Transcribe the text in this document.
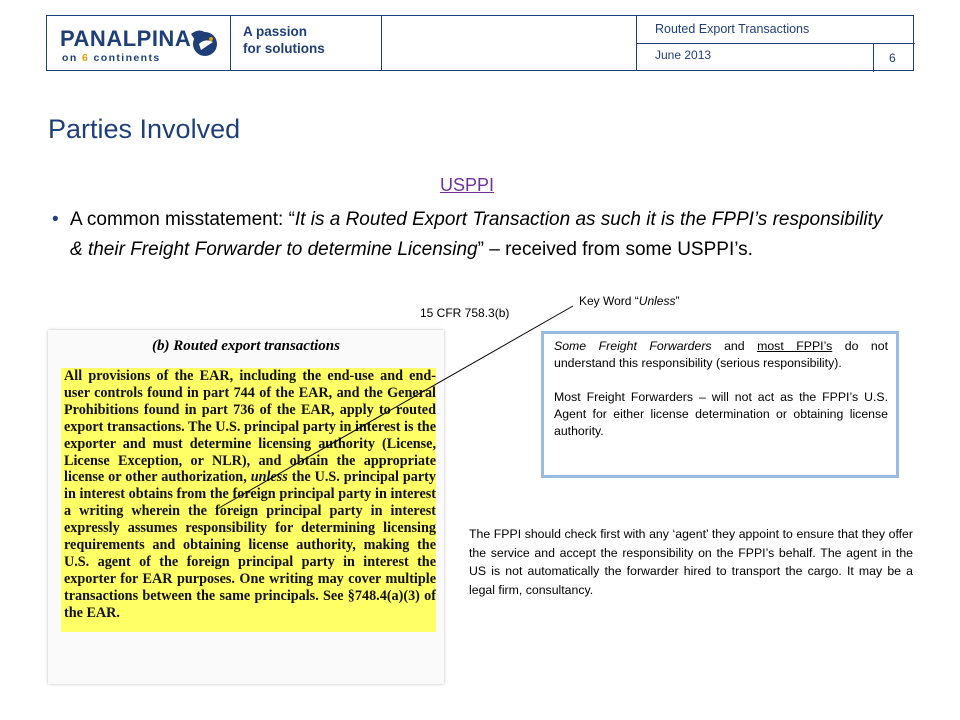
PANALPINA
on 6 continents
A passion
for solutions
Routed Export Transactions
June 2013	6
Parties Involved
USPPI
• A common misstatement: “It is a Routed Export Transaction as such it is the FPPI’s responsibility & their Freight Forwarder to determine Licensing” – received from some USPPI’s.
15 CFR 758.3(b)
Key Word “Unless”
(b) Routed export transactions
All provisions of the EAR, including the end-use and end-user controls found in part 744 of the EAR, and the General Prohibitions found in part 736 of the EAR, apply to routed export transactions. The U.S. principal party in interest is the exporter and must determine licensing authority (License, License Exception, or NLR), and obtain the appropriate license or other authorization, unless the U.S. principal party in interest obtains from the foreign principal party in interest a writing wherein the foreign principal party in interest expressly assumes responsibility for determining licensing requirements and obtaining license authority, making the U.S. agent of the foreign principal party in interest the exporter for EAR purposes. One writing may cover multiple transactions between the same principals. See §748.4(a)(3) of the EAR.

Some Freight Forwarders and most FPPI’s do not understand this responsibility (serious responsibility).

Most Freight Forwarders – will not act as the FPPI’s U.S. Agent for either license determination or obtaining license authority.

The FPPI should check first with any ‘agent’ they appoint to ensure that they offer the service and accept the responsibility on the FPPI’s behalf. The agent in the US is not automatically the forwarder hired to transport the cargo. It may be a legal firm, consultancy.
